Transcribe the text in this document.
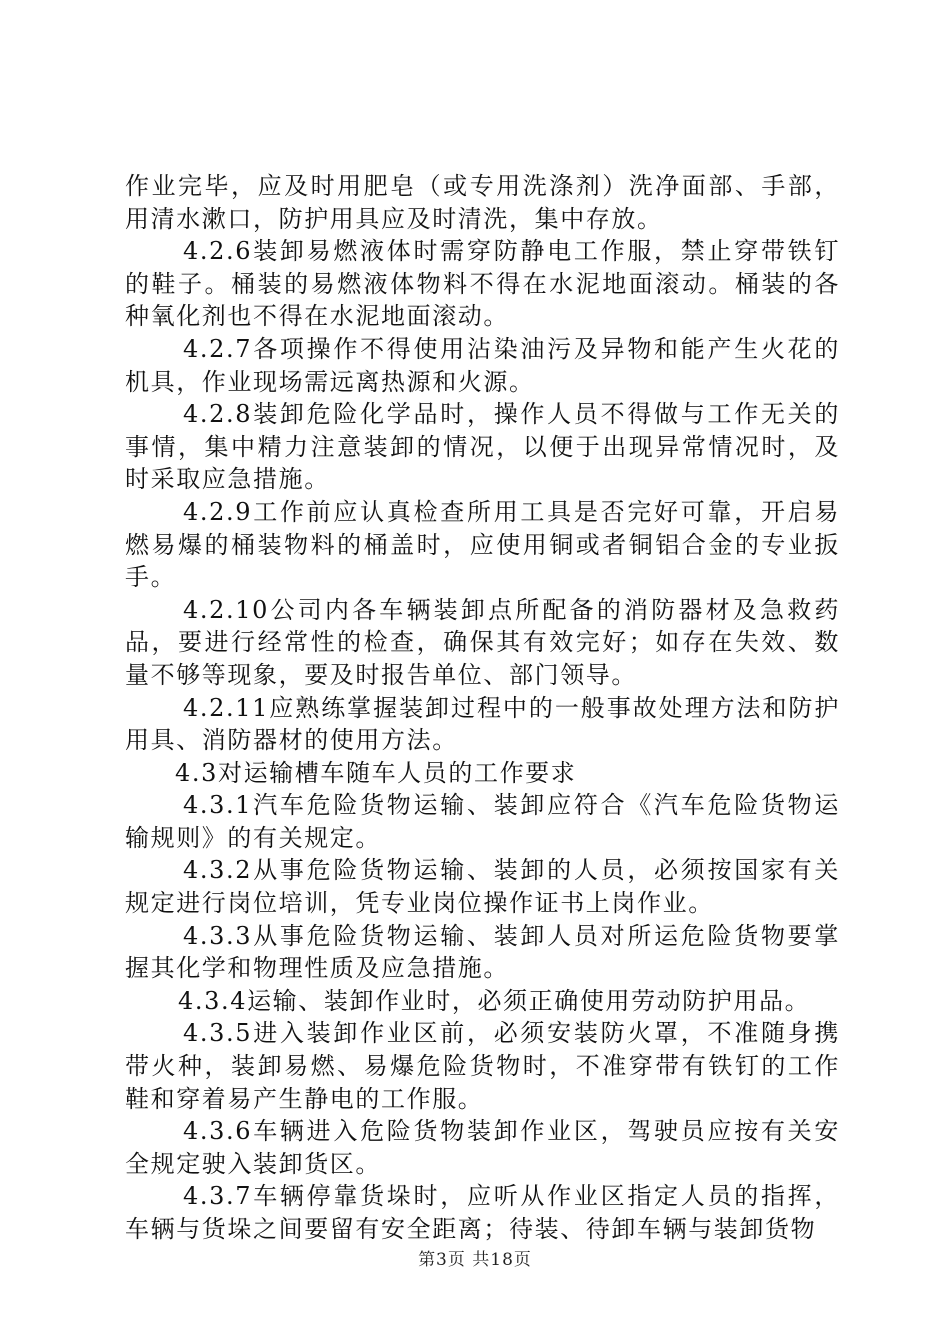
作业完毕，应及时用肥皂（或专用洗涤剂）洗净面部、手部，用清水漱口，防护用具应及时清洗，集中存放。

4.2.6装卸易燃液体时需穿防静电工作服，禁止穿带铁钉的鞋子。桶装的易燃液体物料不得在水泥地面滚动。桶装的各种氧化剂也不得在水泥地面滚动。

4.2.7各项操作不得使用沾染油污及异物和能产生火花的机具，作业现场需远离热源和火源。

4.2.8装卸危险化学品时，操作人员不得做与工作无关的事情，集中精力注意装卸的情况，以便于出现异常情况时，及时采取应急措施。

4.2.9工作前应认真检查所用工具是否完好可靠，开启易燃易爆的桶装物料的桶盖时，应使用铜或者铜铝合金的专业扳手。

4.2.10公司内各车辆装卸点所配备的消防器材及急救药品，要进行经常性的检查，确保其有效完好；如存在失效、数量不够等现象，要及时报告单位、部门领导。

4.2.11应熟练掌握装卸过程中的一般事故处理方法和防护用具、消防器材的使用方法。

4.3对运输槽车随车人员的工作要求

4.3.1汽车危险货物运输、装卸应符合《汽车危险货物运输规则》的有关规定。

4.3.2从事危险货物运输、装卸的人员，必须按国家有关规定进行岗位培训，凭专业岗位操作证书上岗作业。

4.3.3从事危险货物运输、装卸人员对所运危险货物要掌握其化学和物理性质及应急措施。

4.3.4运输、装卸作业时，必须正确使用劳动防护用品。

4.3.5进入装卸作业区前，必须安装防火罩，不准随身携带火种，装卸易燃、易爆危险货物时，不准穿带有铁钉的工作鞋和穿着易产生静电的工作服。

4.3.6车辆进入危险货物装卸作业区，驾驶员应按有关安全规定驶入装卸货区。

4.3.7车辆停靠货垛时，应听从作业区指定人员的指挥，车辆与货垛之间要留有安全距离；待装、待卸车辆与装卸货物

第3页 共18页
